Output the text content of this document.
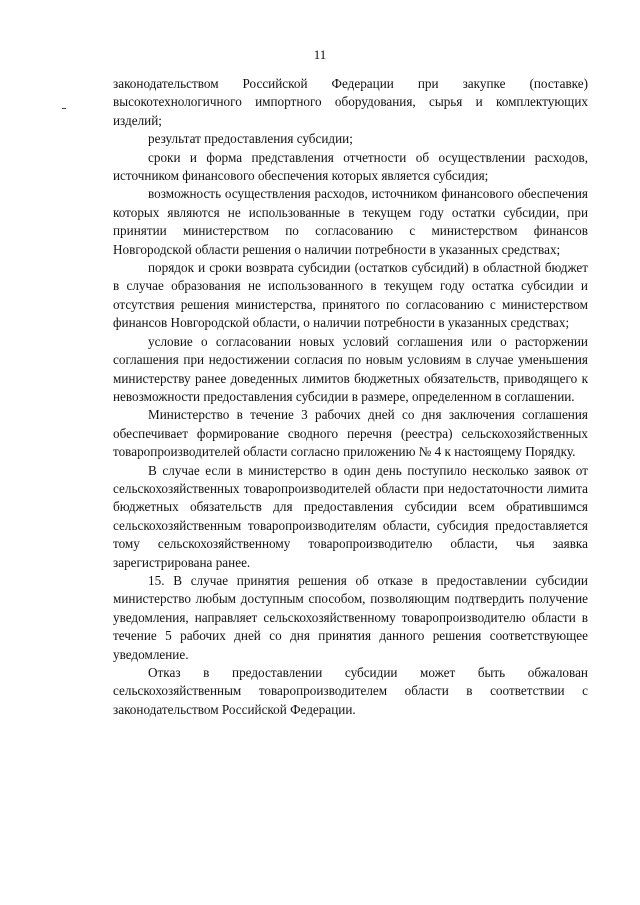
11

законодательством Российской Федерации при закупке (поставке) высокотехнологичного импортного оборудования, сырья и комплектующих изделий;

результат предоставления субсидии;

сроки и форма представления отчетности об осуществлении расходов, источником финансового обеспечения которых является субсидия;

возможность осуществления расходов, источником финансового обеспечения которых являются не использованные в текущем году остатки субсидии, при принятии министерством по согласованию с министерством финансов Новгородской области решения о наличии потребности в указанных средствах;

порядок и сроки возврата субсидии (остатков субсидий) в областной бюджет в случае образования не использованного в текущем году остатка субсидии и отсутствия решения министерства, принятого по согласованию с министерством финансов Новгородской области, о наличии потребности в указанных средствах;

условие о согласовании новых условий соглашения или о расторжении соглашения при недостижении согласия по новым условиям в случае уменьшения министерству ранее доведенных лимитов бюджетных обязательств, приводящего к невозможности предоставления субсидии в размере, определенном в соглашении.

Министерство в течение 3 рабочих дней со дня заключения соглашения обеспечивает формирование сводного перечня (реестра) сельскохозяйственных товаропроизводителей области согласно приложению № 4 к настоящему Порядку.

В случае если в министерство в один день поступило несколько заявок от сельскохозяйственных товаропроизводителей области при недостаточности лимита бюджетных обязательств для предоставления субсидии всем обратившимся сельскохозяйственным товаропроизводителям области, субсидия предоставляется тому сельскохозяйственному товаропроизводителю области, чья заявка зарегистрирована ранее.

15. В случае принятия решения об отказе в предоставлении субсидии министерство любым доступным способом, позволяющим подтвердить получение уведомления, направляет сельскохозяйственному товаропроизводителю области в течение 5 рабочих дней со дня принятия данного решения соответствующее уведомление.

Отказ в предоставлении субсидии может быть обжалован сельскохозяйственным товаропроизводителем области в соответствии с законодательством Российской Федерации.
